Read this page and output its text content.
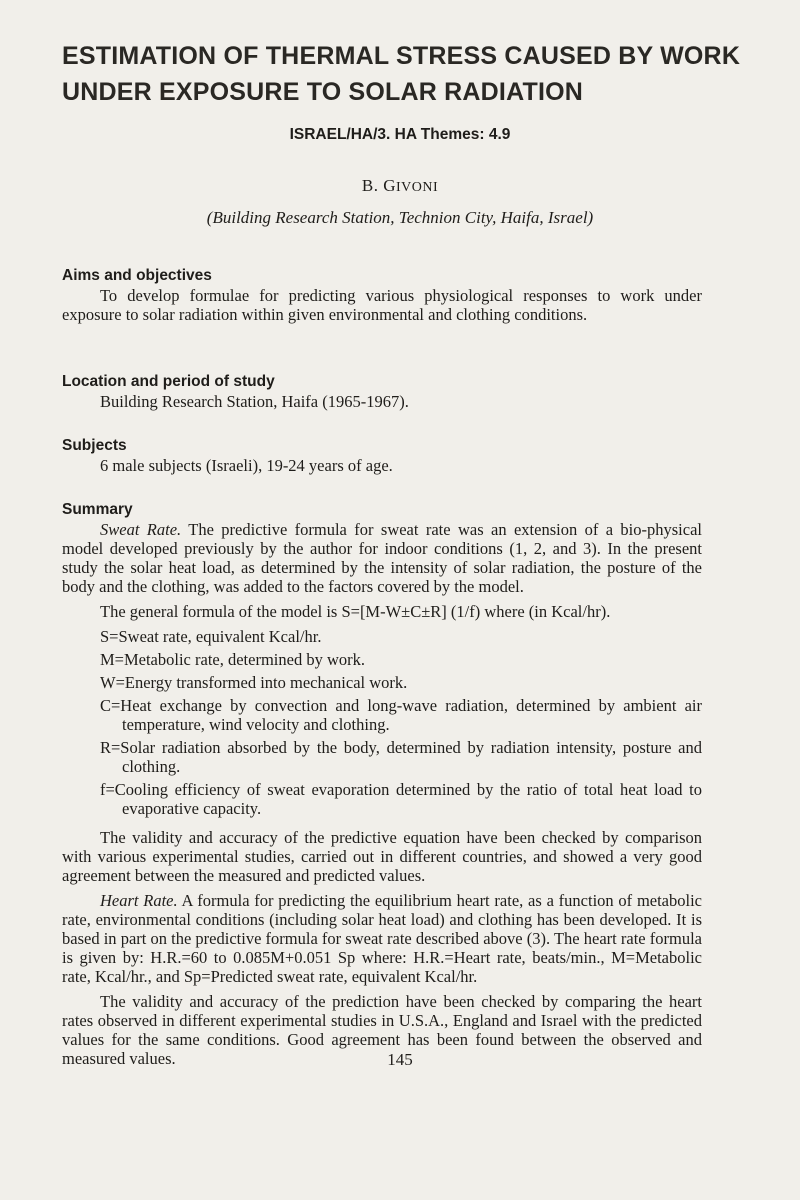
ESTIMATION OF THERMAL STRESS CAUSED BY WORK UNDER EXPOSURE TO SOLAR RADIATION

ISRAEL/HA/3. HA Themes: 4.9

B. GIVONI
(Building Research Station, Technion City, Haifa, Israel)

Aims and objectives

To develop formulae for predicting various physiological responses to work under exposure to solar radiation within given environmental and clothing conditions.

Location and period of study

Building Research Station, Haifa (1965-1967).

Subjects

6 male subjects (Israeli), 19-24 years of age.

Summary

Sweat Rate. The predictive formula for sweat rate was an extension of a bio-physical model developed previously by the author for indoor conditions (1, 2, and 3). In the present study the solar heat load, as determined by the intensity of solar radiation, the posture of the body and the clothing, was added to the factors covered by the model.

The general formula of the model is S=[M-W±C±R] (1/f) where (in Kcal/hr).

S=Sweat rate, equivalent Kcal/hr.
M=Metabolic rate, determined by work.
W=Energy transformed into mechanical work.
C=Heat exchange by convection and long-wave radiation, determined by ambient air temperature, wind velocity and clothing.
R=Solar radiation absorbed by the body, determined by radiation intensity, posture and clothing.
f=Cooling efficiency of sweat evaporation determined by the ratio of total heat load to evaporative capacity.

The validity and accuracy of the predictive equation have been checked by comparison with various experimental studies, carried out in different countries, and showed a very good agreement between the measured and predicted values.

Heart Rate. A formula for predicting the equilibrium heart rate, as a function of metabolic rate, environmental conditions (including solar heat load) and clothing has been developed. It is based in part on the predictive formula for sweat rate described above (3). The heart rate formula is given by: H.R.=60 to 0.085M+0.051 Sp where: H.R.=Heart rate, beats/min., M=Metabolic rate, Kcal/hr., and Sp=Predicted sweat rate, equivalent Kcal/hr.

The validity and accuracy of the prediction have been checked by comparing the heart rates observed in different experimental studies in U.S.A., England and Israel with the predicted values for the same conditions. Good agreement has been found between the observed and measured values.	145
